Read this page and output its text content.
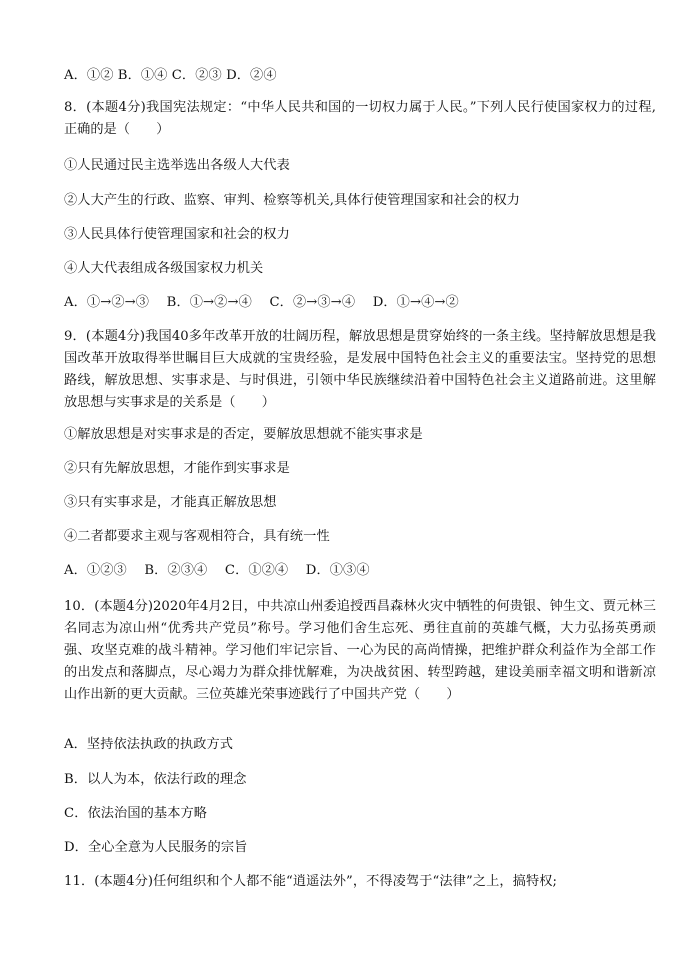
A．①② B．①④ C．②③ D．②④
8．(本题4分)我国宪法规定：“中华人民共和国的一切权力属于人民。”下列人民行使国家权力的过程,正确的是（　　）
①人民通过民主选举选出各级人大代表
②人大产生的行政、监察、审判、检察等机关,具体行使管理国家和社会的权力
③人民具体行使管理国家和社会的权力
④人大代表组成各级国家权力机关
A．①→②→③　 B．①→②→④　 C．②→③→④　 D．①→④→②
9．(本题4分)我国40多年改革开放的壮阔历程，解放思想是贯穿始终的一条主线。坚持解放思想是我国改革开放取得举世瞩目巨大成就的宝贵经验，是发展中国特色社会主义的重要法宝。坚持党的思想路线，解放思想、实事求是、与时俱进，引领中华民族继续沿着中国特色社会主义道路前进。这里解放思想与实事求是的关系是（　　）
①解放思想是对实事求是的否定，要解放思想就不能实事求是
②只有先解放思想，才能作到实事求是
③只有实事求是，才能真正解放思想
④二者都要求主观与客观相符合，具有统一性
A．①②③　 B．②③④　 C．①②④　 D．①③④
10．(本题4分)2020年4月2日，中共凉山州委追授西昌森林火灾中牺牲的何贵银、钟生文、贾元林三名同志为凉山州“优秀共产党员”称号。学习他们舍生忘死、勇往直前的英雄气概，大力弘扬英勇顽强、攻坚克难的战斗精神。学习他们牢记宗旨、一心为民的高尚情操，把维护群众利益作为全部工作的出发点和落脚点，尽心竭力为群众排忧解难，为决战贫困、转型跨越，建设美丽幸福文明和谐新凉山作出新的更大贡献。三位英雄光荣事迹践行了中国共产党（　　）
A．坚持依法执政的执政方式
B．以人为本，依法行政的理念
C．依法治国的基本方略
D．全心全意为人民服务的宗旨
11．(本题4分)任何组织和个人都不能“逍遥法外”，不得凌驾于“法律”之上，搞特权;
